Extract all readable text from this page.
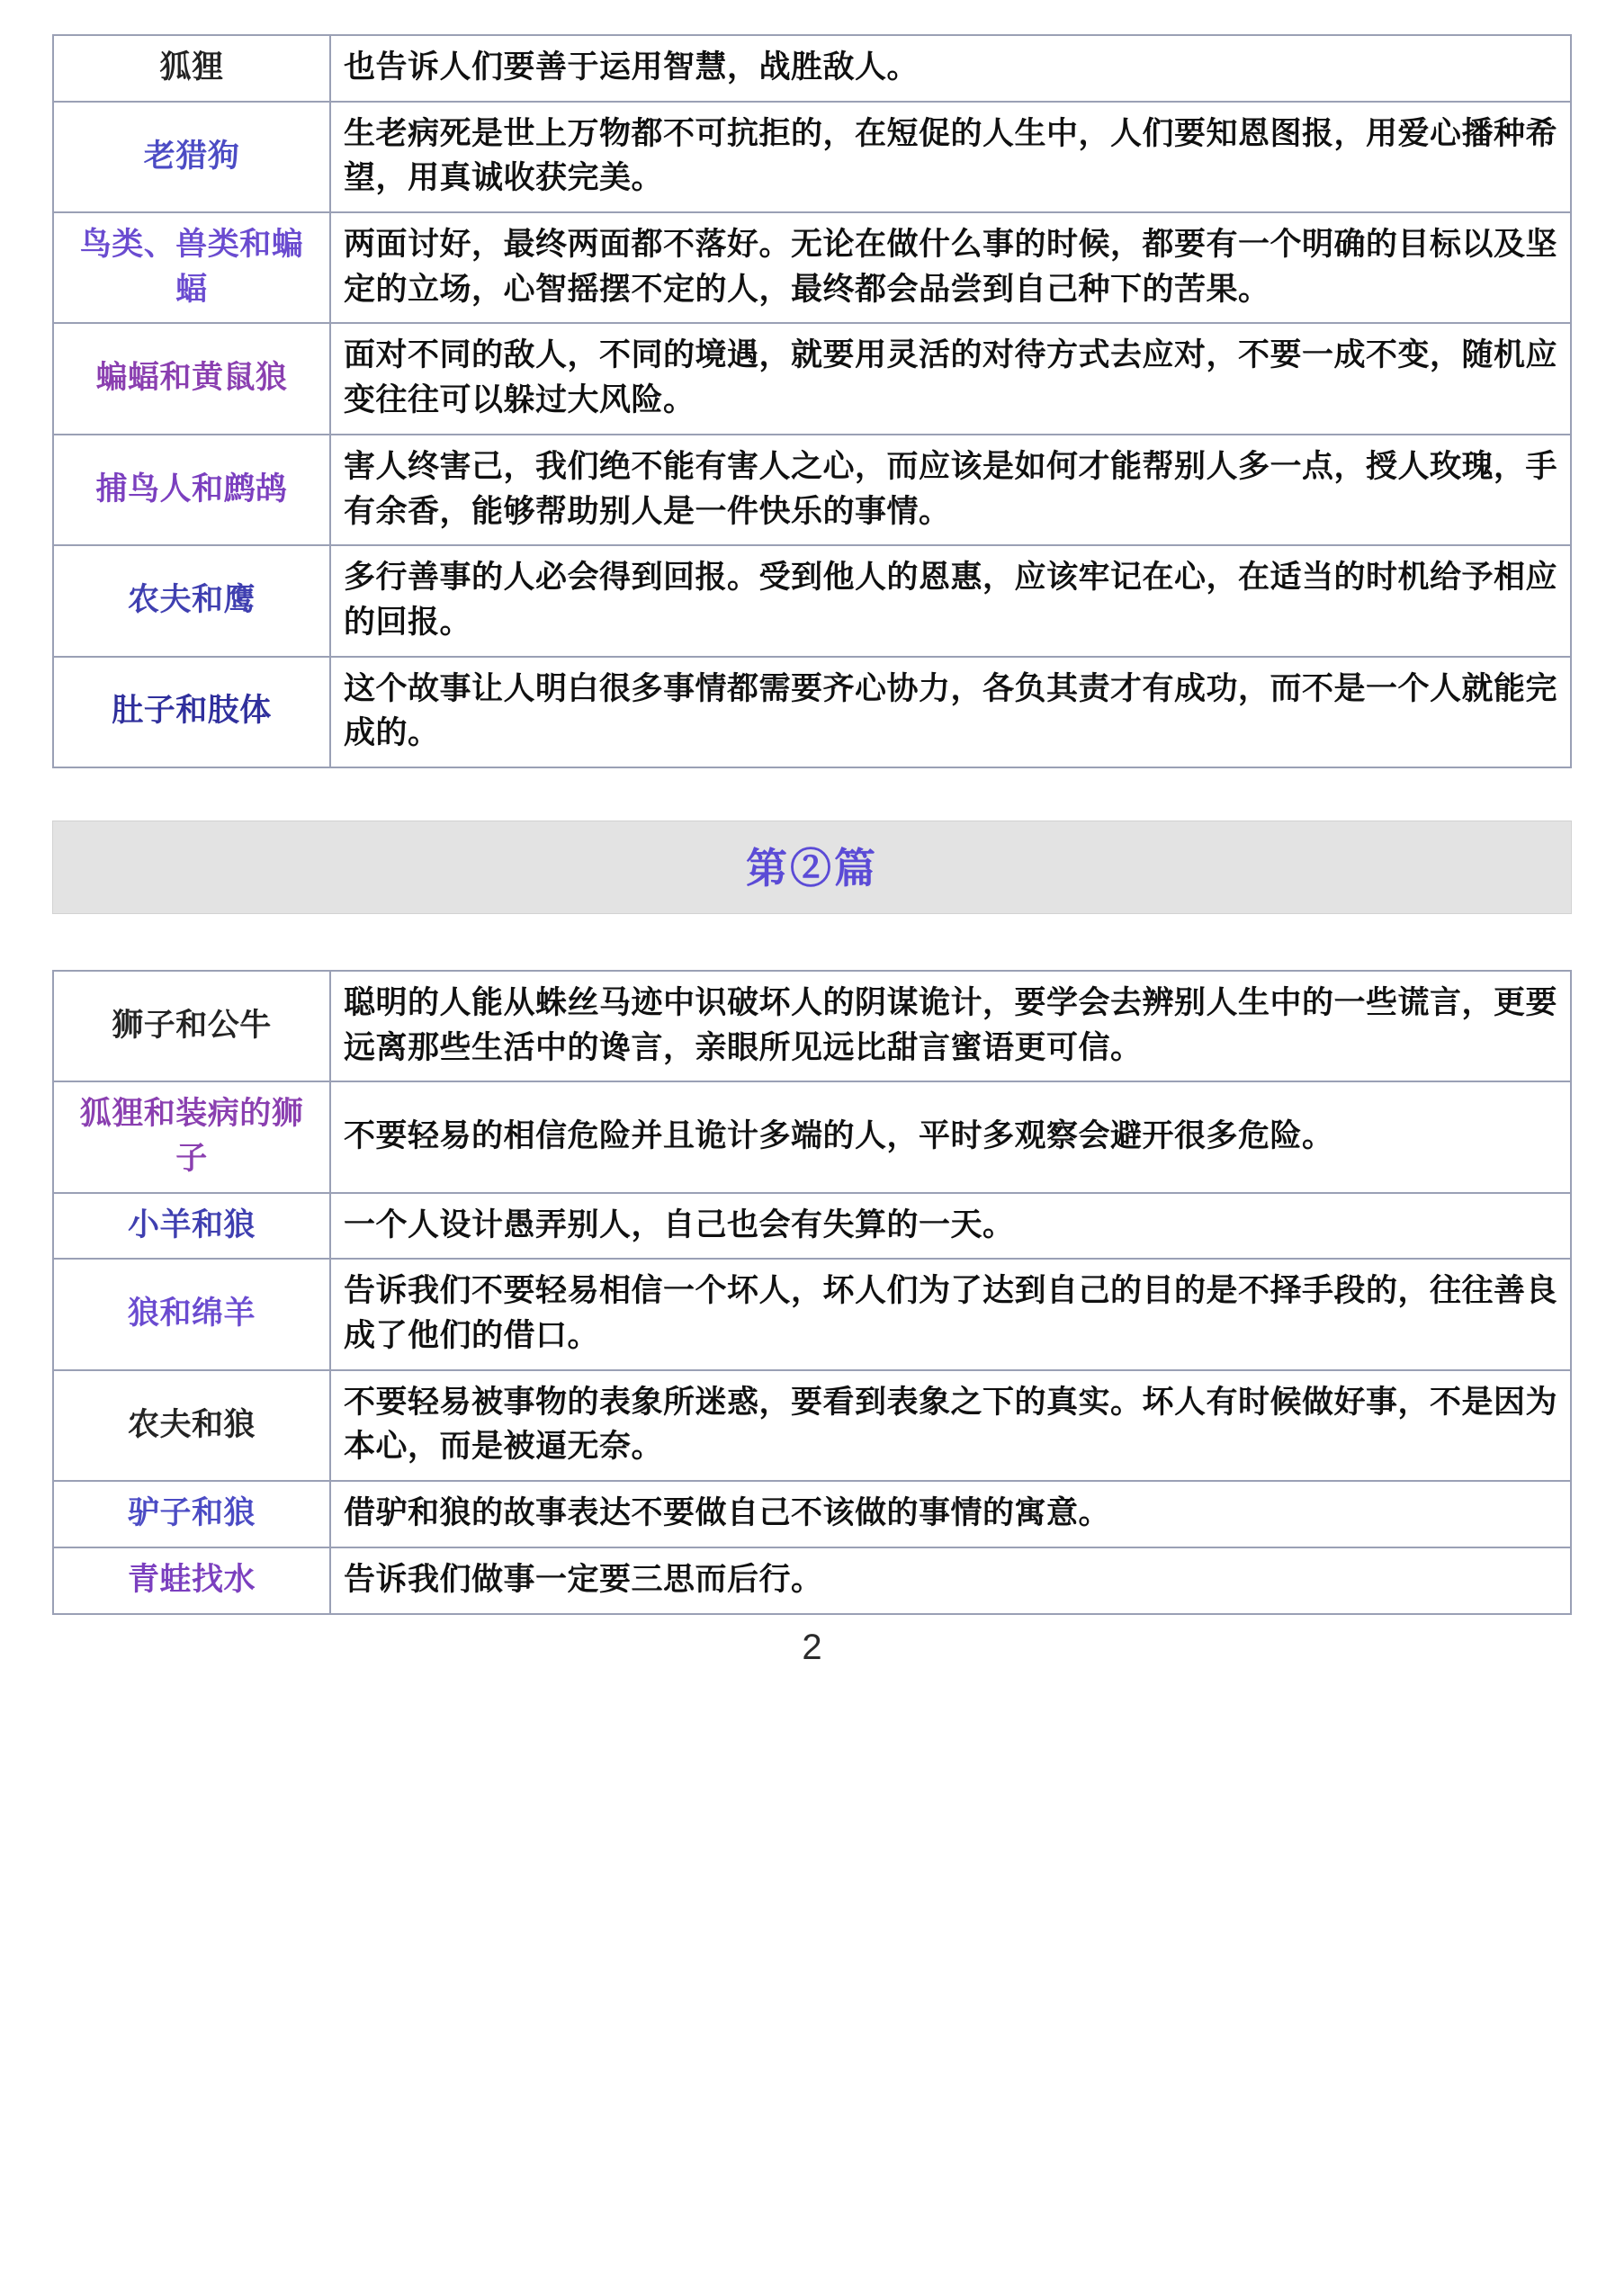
狐狸	也告诉人们要善于运用智慧，战胜敌人。
老猎狗	生老病死是世上万物都不可抗拒的，在短促的人生中，人们要知恩图报，用爱心播种希望，用真诚收获完美。
鸟类、兽类和蝙蝠	两面讨好，最终两面都不落好。无论在做什么事的时候，都要有一个明确的目标以及坚定的立场，心智摇摆不定的人，最终都会品尝到自己种下的苦果。
蝙蝠和黄鼠狼	面对不同的敌人，不同的境遇，就要用灵活的对待方式去应对，不要一成不变，随机应变往往可以躲过大风险。
捕鸟人和鹧鸪	害人终害己，我们绝不能有害人之心，而应该是如何才能帮别人多一点，授人玫瑰，手有余香，能够帮助别人是一件快乐的事情。
农夫和鹰	多行善事的人必会得到回报。受到他人的恩惠，应该牢记在心，在适当的时机给予相应的回报。
肚子和肢体	这个故事让人明白很多事情都需要齐心协力，各负其责才有成功，而不是一个人就能完成的。
第②篇
狮子和公牛	聪明的人能从蛛丝马迹中识破坏人的阴谋诡计，要学会去辨别人生中的一些谎言，更要远离那些生活中的谗言，亲眼所见远比甜言蜜语更可信。
狐狸和装病的狮子	不要轻易的相信危险并且诡计多端的人，平时多观察会避开很多危险。
小羊和狼	一个人设计愚弄别人，自己也会有失算的一天。
狼和绵羊	告诉我们不要轻易相信一个坏人，坏人们为了达到自己的目的是不择手段的，往往善良成了他们的借口。
农夫和狼	不要轻易被事物的表象所迷惑，要看到表象之下的真实。坏人有时候做好事，不是因为本心，而是被逼无奈。
驴子和狼	借驴和狼的故事表达不要做自己不该做的事情的寓意。
青蛙找水	告诉我们做事一定要三思而后行。
2
